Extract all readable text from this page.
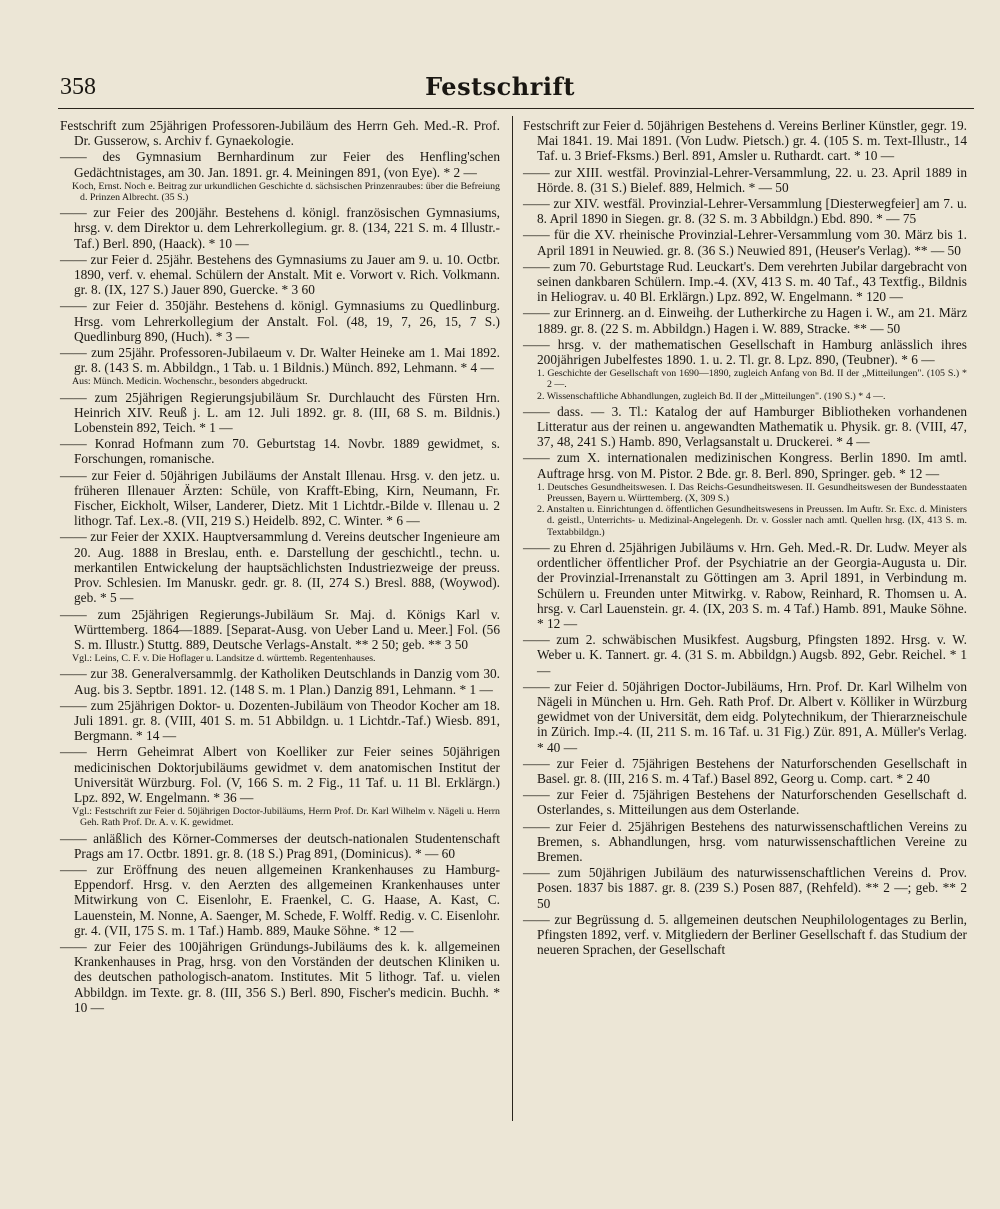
358	Festschrift
Festschrift zum 25jährigen Professoren-Jubiläum des Herrn Geh. Med.-R. Prof. Dr. Gusserow, s. Archiv f. Gynaekologie.
—— des Gymnasium Bernhardinum zur Feier des Henfling'schen Gedächtnistages, am 30. Jan. 1891. gr. 4. Meiningen 891, (von Eye). * 2 —
Koch, Ernst. Noch e. Beitrag zur urkundlichen Geschichte d. sächsischen Prinzenraubes: über die Befreiung d. Prinzen Albrecht. (35 S.)
—— zur Feier des 200jähr. Bestehens d. königl. französischen Gymnasiums, hrsg. v. dem Direktor u. dem Lehrerkollegium. gr. 8. (134, 221 S. m. 4 Illustr.-Taf.) Berl. 890, (Haack). * 10 —
—— zur Feier d. 25jähr. Bestehens des Gymnasiums zu Jauer am 9. u. 10. Octbr. 1890, verf. v. ehemal. Schülern der Anstalt. Mit e. Vorwort v. Rich. Volkmann. gr. 8. (IX, 127 S.) Jauer 890, Guercke. * 3 60
—— zur Feier d. 350jähr. Bestehens d. königl. Gymnasiums zu Quedlinburg. Hrsg. vom Lehrerkollegium der Anstalt. Fol. (48, 19, 7, 26, 15, 7 S.) Quedlinburg 890, (Huch). * 3 —
—— zum 25jähr. Professoren-Jubilaeum v. Dr. Walter Heineke am 1. Mai 1892. gr. 8. (143 S. m. Abbildgn., 1 Tab. u. 1 Bildnis.) Münch. 892, Lehmann. * 4 —
Aus: Münch. Medicin. Wochenschr., besonders abgedruckt.
—— zum 25jährigen Regierungsjubiläum Sr. Durchlaucht des Fürsten Hrn. Heinrich XIV. Reuß j. L. am 12. Juli 1892. gr. 8. (III, 68 S. m. Bildnis.) Lobenstein 892, Teich. * 1 —
—— Konrad Hofmann zum 70. Geburtstag 14. Novbr. 1889 gewidmet, s. Forschungen, romanische.
—— zur Feier d. 50jährigen Jubiläums der Anstalt Illenau. Hrsg. v. den jetz. u. früheren Illenauer Ärzten: Schüle, von Krafft-Ebing, Kirn, Neumann, Fr. Fischer, Eickholt, Wilser, Landerer, Dietz. Mit 1 Lichtdr.-Bilde v. Illenau u. 2 lithogr. Taf. Lex.-8. (VII, 219 S.) Heidelb. 892, C. Winter. * 6 —
—— zur Feier der XXIX. Hauptversammlung d. Vereins deutscher Ingenieure am 20. Aug. 1888 in Breslau, enth. e. Darstellung der geschichtl., techn. u. merkantilen Entwickelung der hauptsächlichsten Industriezweige der preuss. Prov. Schlesien. Im Manuskr. gedr. gr. 8. (II, 274 S.) Bresl. 888, (Woywod). geb. * 5 —
—— zum 25jährigen Regierungs-Jubiläum Sr. Maj. d. Königs Karl v. Württemberg. 1864—1889. [Separat-Ausg. von Ueber Land u. Meer.] Fol. (56 S. m. Illustr.) Stuttg. 889, Deutsche Verlags-Anstalt. ** 2 50; geb. ** 3 50
Vgl.: Leins, C. F. v. Die Hoflager u. Landsitze d. württemb. Regentenhauses.
—— zur 38. Generalversammlg. der Katholiken Deutschlands in Danzig vom 30. Aug. bis 3. Septbr. 1891. 12. (148 S. m. 1 Plan.) Danzig 891, Lehmann. * 1 —
—— zum 25jährigen Doktor- u. Dozenten-Jubiläum von Theodor Kocher am 18. Juli 1891. gr. 8. (VIII, 401 S. m. 51 Abbildgn. u. 1 Lichtdr.-Taf.) Wiesb. 891, Bergmann. * 14 —
—— Herrn Geheimrat Albert von Koelliker zur Feier seines 50jährigen medicinischen Doktorjubiläums gewidmet v. dem anatomischen Institut der Universität Würzburg. Fol. (V, 166 S. m. 2 Fig., 11 Taf. u. 11 Bl. Erklärgn.) Lpz. 892, W. Engelmann. * 36 —
Vgl.: Festschrift zur Feier d. 50jährigen Doctor-Jubiläums, Herrn Prof. Dr. Karl Wilhelm v. Nägeli u. Herrn Geh. Rath Prof. Dr. A. v. K. gewidmet.
—— anläßlich des Körner-Commerses der deutsch-nationalen Studentenschaft Prags am 17. Octbr. 1891. gr. 8. (18 S.) Prag 891, (Dominicus). * — 60
—— zur Eröffnung des neuen allgemeinen Krankenhauses zu Hamburg-Eppendorf. Hrsg. v. den Aerzten des allgemeinen Krankenhauses unter Mitwirkung von C. Eisenlohr, E. Fraenkel, C. G. Haase, A. Kast, C. Lauenstein, M. Nonne, A. Saenger, M. Schede, F. Wolff. Redig. v. C. Eisenlohr. gr. 4. (VII, 175 S. m. 1 Taf.) Hamb. 889, Mauke Söhne. * 12 —
—— zur Feier des 100jährigen Gründungs-Jubiläums des k. k. allgemeinen Krankenhauses in Prag, hrsg. von den Vorständen der deutschen Kliniken u. des deutschen pathologisch-anatom. Institutes. Mit 5 lithogr. Taf. u. vielen Abbildgn. im Texte. gr. 8. (III, 356 S.) Berl. 890, Fischer's medicin. Buchh. * 10 —
Festschrift zur Feier d. 50jährigen Bestehens d. Vereins Berliner Künstler, gegr. 19. Mai 1841. 19. Mai 1891. (Von Ludw. Pietsch.) gr. 4. (105 S. m. Text-Illustr., 14 Taf. u. 3 Brief-Fksms.) Berl. 891, Amsler u. Ruthardt. cart. * 10 —
—— zur XIII. westfäl. Provinzial-Lehrer-Versammlung, 22. u. 23. April 1889 in Hörde. 8. (31 S.) Bielef. 889, Helmich. * — 50
—— zur XIV. westfäl. Provinzial-Lehrer-Versammlung [Diesterwegfeier] am 7. u. 8. April 1890 in Siegen. gr. 8. (32 S. m. 3 Abbildgn.) Ebd. 890. * — 75
—— für die XV. rheinische Provinzial-Lehrer-Versammlung vom 30. März bis 1. April 1891 in Neuwied. gr. 8. (36 S.) Neuwied 891, (Heuser's Verlag). ** — 50
—— zum 70. Geburtstage Rud. Leuckart's. Dem verehrten Jubilar dargebracht von seinen dankbaren Schülern. Imp.-4. (XV, 413 S. m. 40 Taf., 43 Textfig., Bildnis in Heliograv. u. 40 Bl. Erklärgn.) Lpz. 892, W. Engelmann. * 120 —
—— zur Erinnerg. an d. Einweihg. der Lutherkirche zu Hagen i. W., am 21. März 1889. gr. 8. (22 S. m. Abbildgn.) Hagen i. W. 889, Stracke. ** — 50
—— hrsg. v. der mathematischen Gesellschaft in Hamburg anlässlich ihres 200jährigen Jubelfestes 1890. 1. u. 2. Tl. gr. 8. Lpz. 890, (Teubner). * 6 —
1. Geschichte der Gesellschaft von 1690—1890, zugleich Anfang von Bd. II der „Mitteilungen". (105 S.) * 2 —.
2. Wissenschaftliche Abhandlungen, zugleich Bd. II der „Mitteilungen". (190 S.) * 4 —.
—— dass. — 3. Tl.: Katalog der auf Hamburger Bibliotheken vorhandenen Litteratur aus der reinen u. angewandten Mathematik u. Physik. gr. 8. (VIII, 47, 37, 48, 241 S.) Hamb. 890, Verlagsanstalt u. Druckerei. * 4 —
—— zum X. internationalen medizinischen Kongress. Berlin 1890. Im amtl. Auftrage hrsg. von M. Pistor. 2 Bde. gr. 8. Berl. 890, Springer. geb. * 12 —
1. Deutsches Gesundheitswesen. I. Das Reichs-Gesundheitswesen. II. Gesundheitswesen der Bundesstaaten Preussen, Bayern u. Württemberg. (X, 309 S.)
2. Anstalten u. Einrichtungen d. öffentlichen Gesundheitswesens in Preussen. Im Auftr. Sr. Exc. d. Ministers d. geistl., Unterrichts- u. Medizinal-Angelegenh. Dr. v. Gossler nach amtl. Quellen hrsg. (IX, 413 S. m. Textabbildgn.)
—— zu Ehren d. 25jährigen Jubiläums v. Hrn. Geh. Med.-R. Dr. Ludw. Meyer als ordentlicher öffentlicher Prof. der Psychiatrie an der Georgia-Augusta u. Dir. der Provinzial-Irrenanstalt zu Göttingen am 3. April 1891, in Verbindung m. Schülern u. Freunden unter Mitwirkg. v. Rabow, Reinhard, R. Thomsen u. A. hrsg. v. Carl Lauenstein. gr. 4. (IX, 203 S. m. 4 Taf.) Hamb. 891, Mauke Söhne. * 12 —
—— zum 2. schwäbischen Musikfest. Augsburg, Pfingsten 1892. Hrsg. v. W. Weber u. K. Tannert. gr. 4. (31 S. m. Abbildgn.) Augsb. 892, Gebr. Reichel. * 1 —
—— zur Feier d. 50jährigen Doctor-Jubiläums, Hrn. Prof. Dr. Karl Wilhelm von Nägeli in München u. Hrn. Geh. Rath Prof. Dr. Albert v. Kölliker in Würzburg gewidmet von der Universität, dem eidg. Polytechnikum, der Thierarzneischule in Zürich. Imp.-4. (II, 211 S. m. 16 Taf. u. 31 Fig.) Zür. 891, A. Müller's Verlag. * 40 —
—— zur Feier d. 75jährigen Bestehens der Naturforschenden Gesellschaft in Basel. gr. 8. (III, 216 S. m. 4 Taf.) Basel 892, Georg u. Comp. cart. * 2 40
—— zur Feier d. 75jährigen Bestehens der Naturforschenden Gesellschaft d. Osterlandes, s. Mitteilungen aus dem Osterlande.
—— zur Feier d. 25jährigen Bestehens des naturwissenschaftlichen Vereins zu Bremen, s. Abhandlungen, hrsg. vom naturwissenschaftlichen Vereine zu Bremen.
—— zum 50jährigen Jubiläum des naturwissenschaftlichen Vereins d. Prov. Posen. 1837 bis 1887. gr. 8. (239 S.) Posen 887, (Rehfeld). ** 2 —; geb. ** 2 50
—— zur Begrüssung d. 5. allgemeinen deutschen Neuphilologentages zu Berlin, Pfingsten 1892, verf. v. Mitgliedern der Berliner Gesellschaft f. das Studium der neueren Sprachen, der Gesellschaft
